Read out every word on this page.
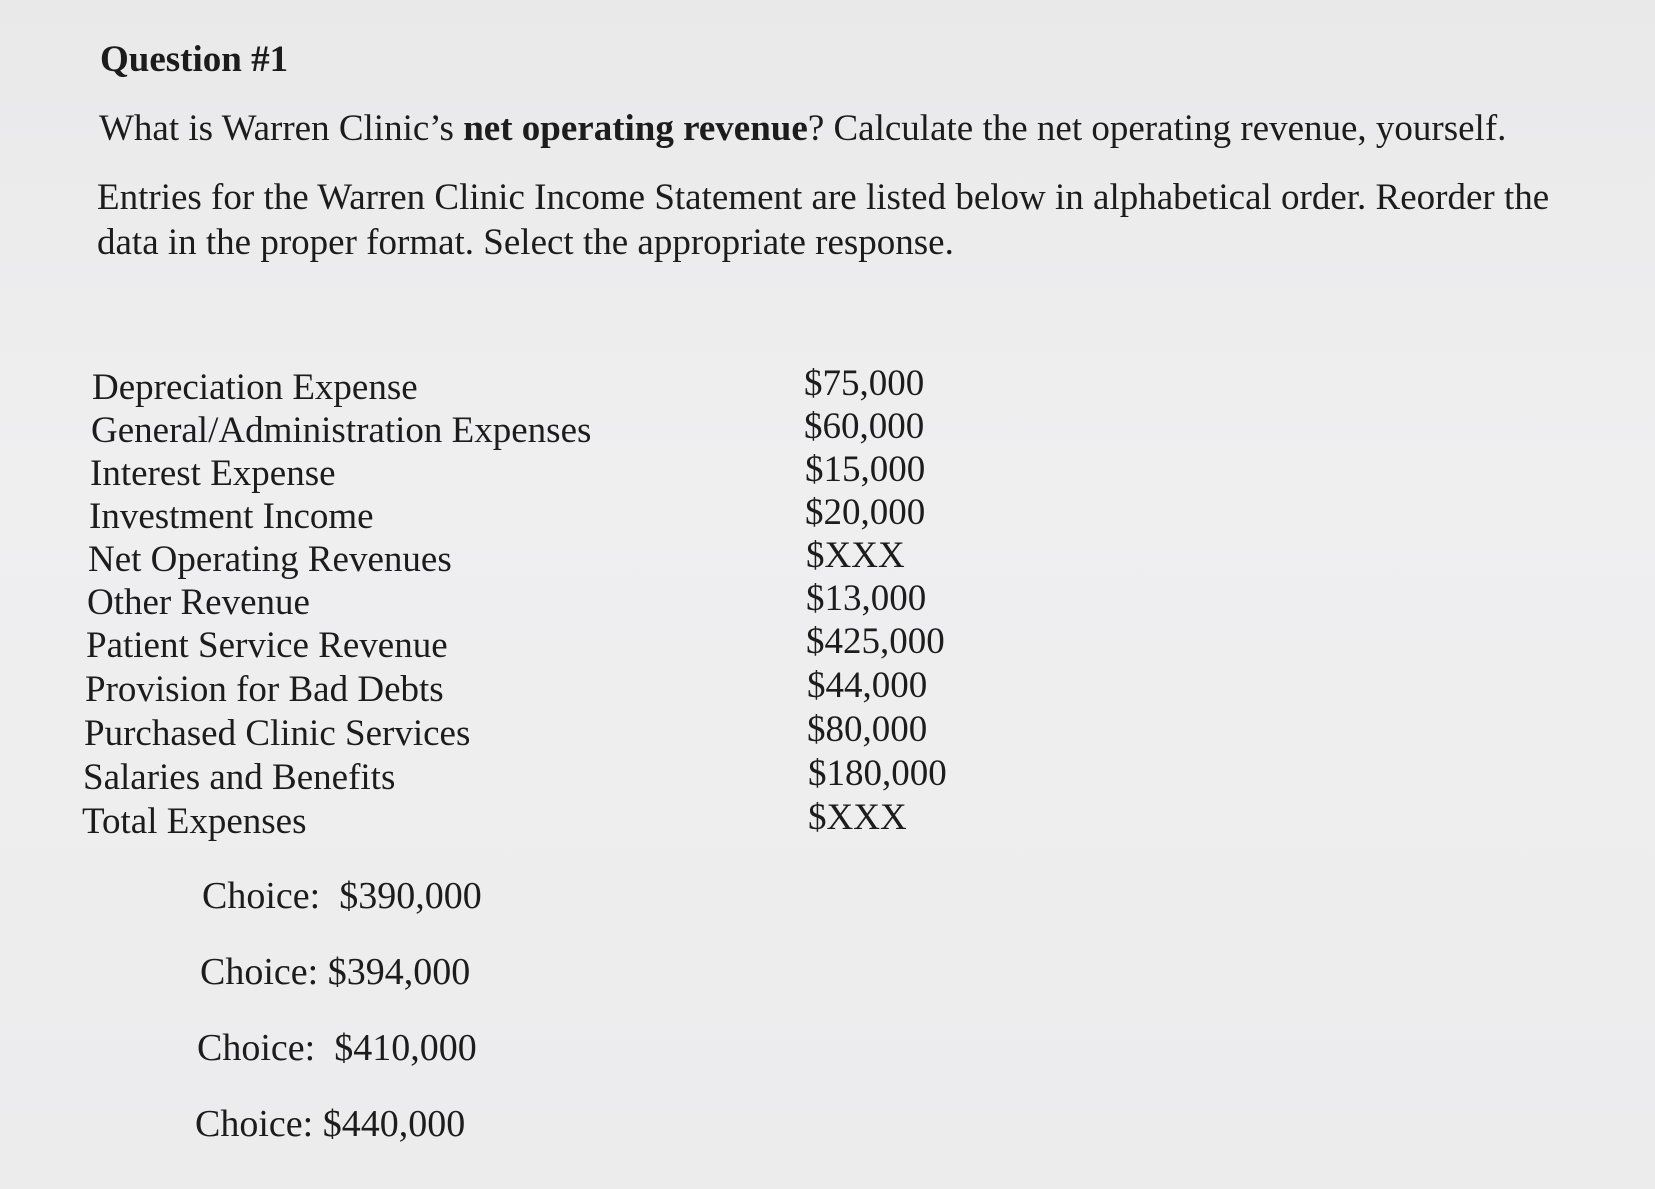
Question #1

What is Warren Clinic’s net operating revenue? Calculate the net operating revenue, yourself.

Entries for the Warren Clinic Income Statement are listed below in alphabetical order. Reorder the data in the proper format. Select the appropriate response.

Depreciation Expense	$75,000
General/Administration Expenses	$60,000
Interest Expense	$15,000
Investment Income	$20,000
Net Operating Revenues	$XXX
Other Revenue	$13,000
Patient Service Revenue	$425,000
Provision for Bad Debts	$44,000
Purchased Clinic Services	$80,000
Salaries and Benefits	$180,000
Total Expenses	$XXX
Choice: $390,000
Choice: $394,000
Choice: $410,000
Choice: $440,000
